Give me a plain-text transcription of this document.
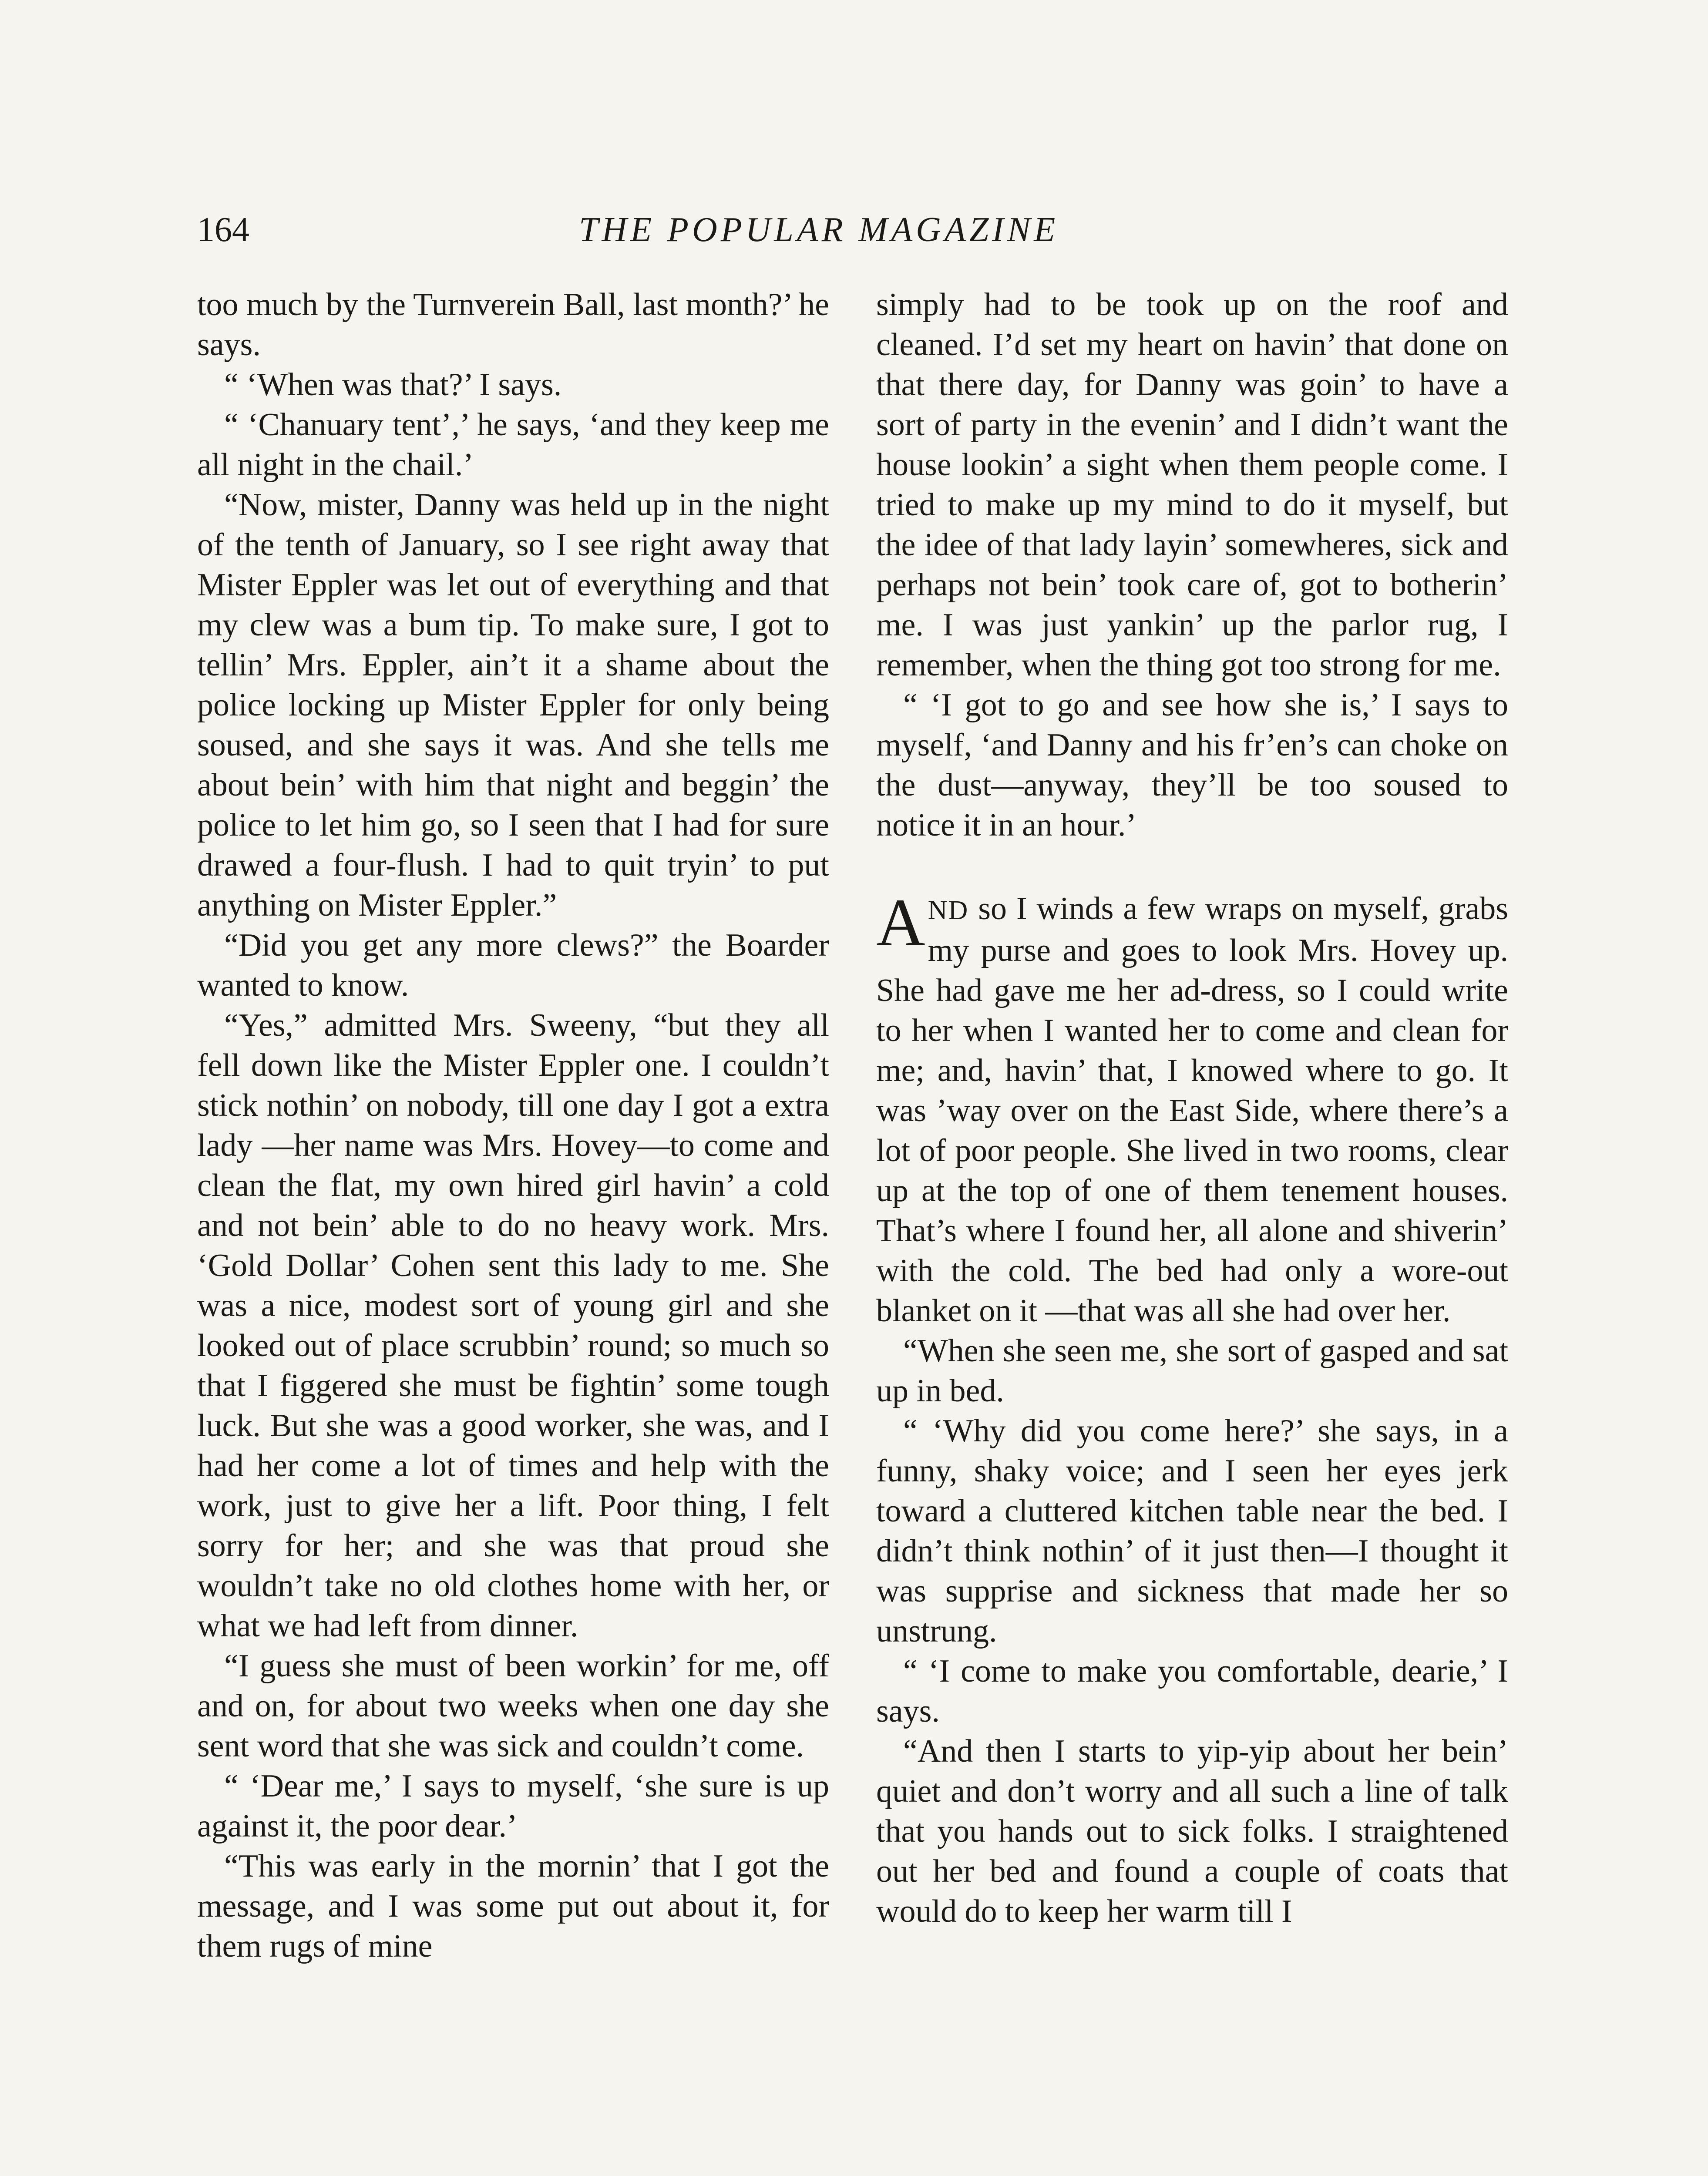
164	THE POPULAR MAGAZINE

too much by the Turnverein Ball, last month?’ he says.

“ ‘When was that?’ I says.

“ ‘Chanuary tent’,’ he says, ‘and they keep me all night in the chail.’

“Now, mister, Danny was held up in the night of the tenth of January, so I see right away that Mister Eppler was let out of everything and that my clew was a bum tip. To make sure, I got to tellin’ Mrs. Eppler, ain’t it a shame about the police locking up Mister Eppler for only being soused, and she says it was. And she tells me about bein’ with him that night and beggin’ the police to let him go, so I seen that I had for sure drawed a four-flush. I had to quit tryin’ to put anything on Mister Eppler.”

“Did you get any more clews?” the Boarder wanted to know.

“Yes,” admitted Mrs. Sweeny, “but they all fell down like the Mister Eppler one. I couldn’t stick nothin’ on nobody, till one day I got a extra lady —her name was Mrs. Hovey—to come and clean the flat, my own hired girl havin’ a cold and not bein’ able to do no heavy work. Mrs. ‘Gold Dollar’ Cohen sent this lady to me. She was a nice, modest sort of young girl and she looked out of place scrubbin’ round; so much so that I figgered she must be fightin’ some tough luck. But she was a good worker, she was, and I had her come a lot of times and help with the work, just to give her a lift. Poor thing, I felt sorry for her; and she was that proud she wouldn’t take no old clothes home with her, or what we had left from dinner.

“I guess she must of been workin’ for me, off and on, for about two weeks when one day she sent word that she was sick and couldn’t come.

“ ‘Dear me,’ I says to myself, ‘she sure is up against it, the poor dear.’

“This was early in the mornin’ that I got the message, and I was some put out about it, for them rugs of mine

simply had to be took up on the roof and cleaned. I’d set my heart on havin’ that done on that there day, for Danny was goin’ to have a sort of party in the evenin’ and I didn’t want the house lookin’ a sight when them people come. I tried to make up my mind to do it myself, but the idee of that lady layin’ somewheres, sick and perhaps not bein’ took care of, got to botherin’ me. I was just yankin’ up the parlor rug, I remember, when the thing got too strong for me.

“ ‘I got to go and see how she is,’ I says to myself, ‘and Danny and his fr’en’s can choke on the dust—anyway, they’ll be too soused to notice it in an hour.’

AND so I winds a few wraps on myself, grabs my purse and goes to look Mrs. Hovey up. She had gave me her ad-dress, so I could write to her when I wanted her to come and clean for me; and, havin’ that, I knowed where to go. It was ’way over on the East Side, where there’s a lot of poor people. She lived in two rooms, clear up at the top of one of them tenement houses. That’s where I found her, all alone and shiverin’ with the cold. The bed had only a wore-out blanket on it —that was all she had over her.

“When she seen me, she sort of gasped and sat up in bed.

“ ‘Why did you come here?’ she says, in a funny, shaky voice; and I seen her eyes jerk toward a cluttered kitchen table near the bed. I didn’t think nothin’ of it just then—I thought it was supprise and sickness that made her so unstrung.

“ ‘I come to make you comfortable, dearie,’ I says.

“And then I starts to yip-yip about her bein’ quiet and don’t worry and all such a line of talk that you hands out to sick folks. I straightened out her bed and found a couple of coats that would do to keep her warm till I
